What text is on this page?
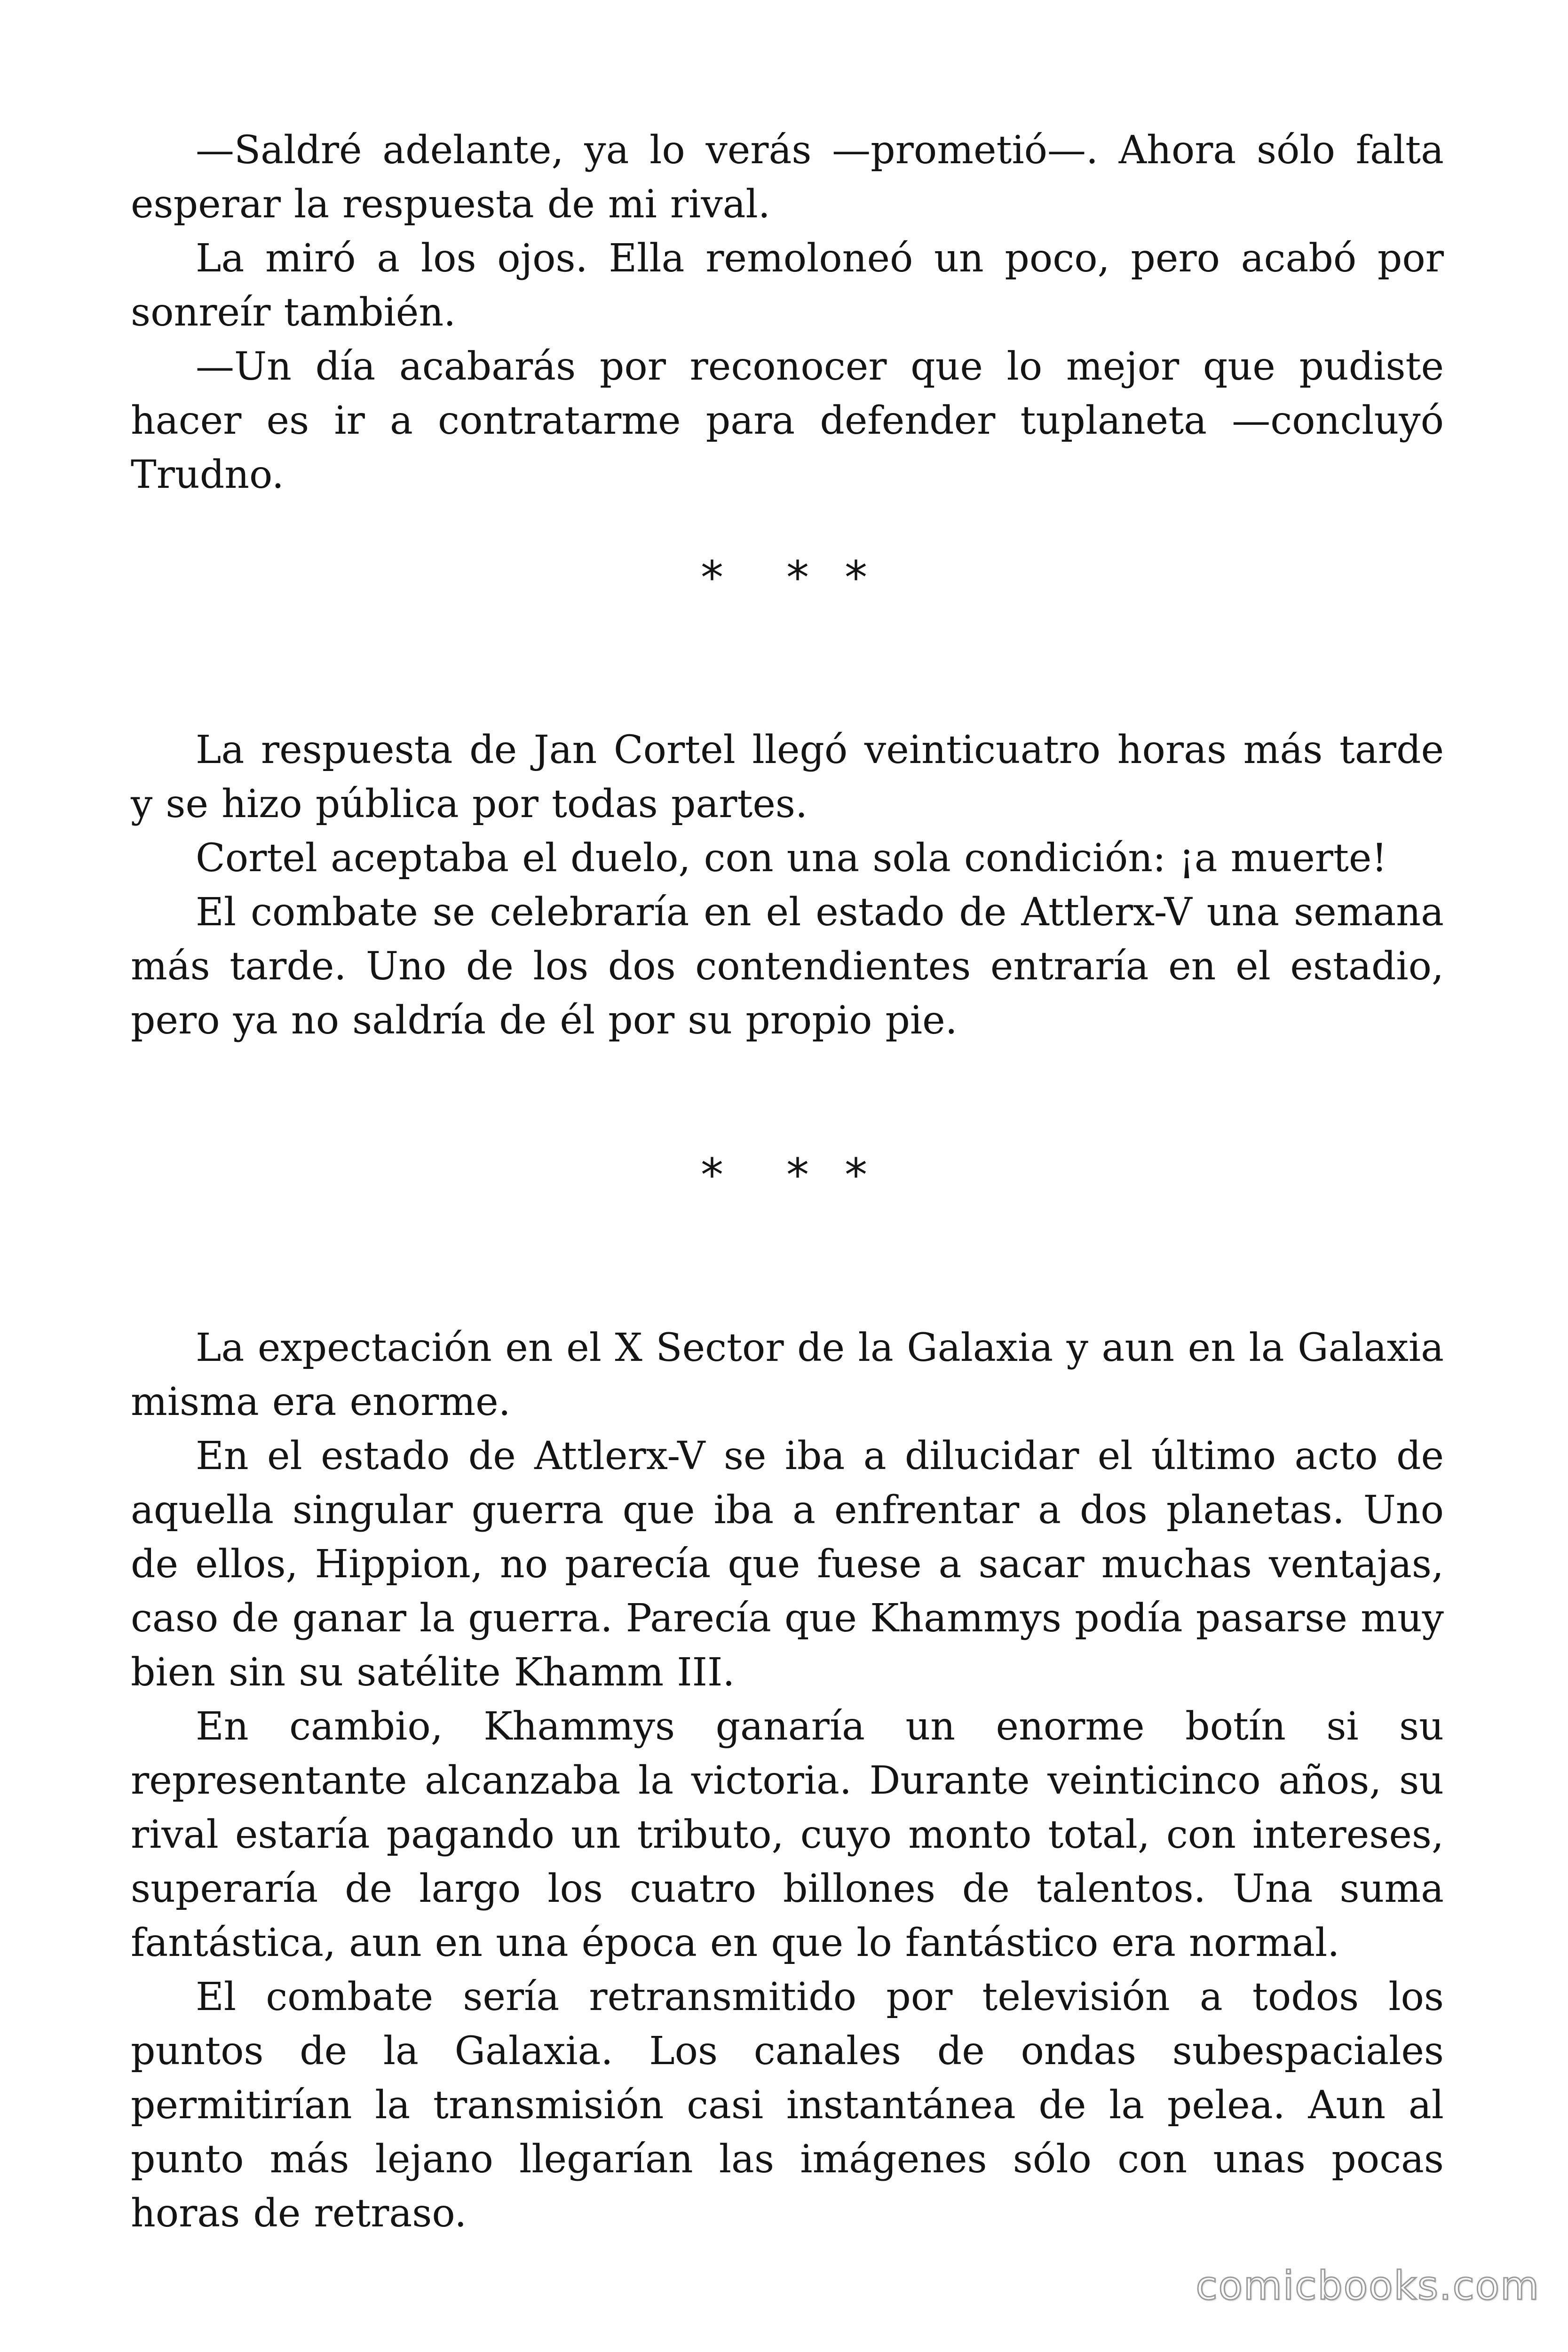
—Saldré adelante, ya lo verás —prometió—. Ahora sólo falta esperar la respuesta de mi rival.

La miró a los ojos. Ella remoloneó un poco, pero acabó por sonreír también.

—Un día acabarás por reconocer que lo mejor que pudiste hacer es ir a contratarme para defender tuplaneta —concluyó Trudno.

* * *

La respuesta de Jan Cortel llegó veinticuatro horas más tarde y se hizo pública por todas partes.

Cortel aceptaba el duelo, con una sola condición: ¡a muerte!

El combate se celebraría en el estado de Attlerx-V una semana más tarde. Uno de los dos contendientes entraría en el estadio, pero ya no saldría de él por su propio pie.

* * *

La expectación en el X Sector de la Galaxia y aun en la Galaxia misma era enorme.

En el estado de Attlerx-V se iba a dilucidar el último acto de aquella singular guerra que iba a enfrentar a dos planetas. Uno de ellos, Hippion, no parecía que fuese a sacar muchas ventajas, caso de ganar la guerra. Parecía que Khammys podía pasarse muy bien sin su satélite Khamm III.

En cambio, Khammys ganaría un enorme botín si su representante alcanzaba la victoria. Durante veinticinco años, su rival estaría pagando un tributo, cuyo monto total, con intereses, superaría de largo los cuatro billones de talentos. Una suma fantástica, aun en una época en que lo fantástico era normal.

El combate sería retransmitido por televisión a todos los puntos de la Galaxia. Los canales de ondas subespaciales permitirían la transmisión casi instantánea de la pelea. Aun al punto más lejano llegarían las imágenes sólo con unas pocas horas de retraso.

comicbooks.com
